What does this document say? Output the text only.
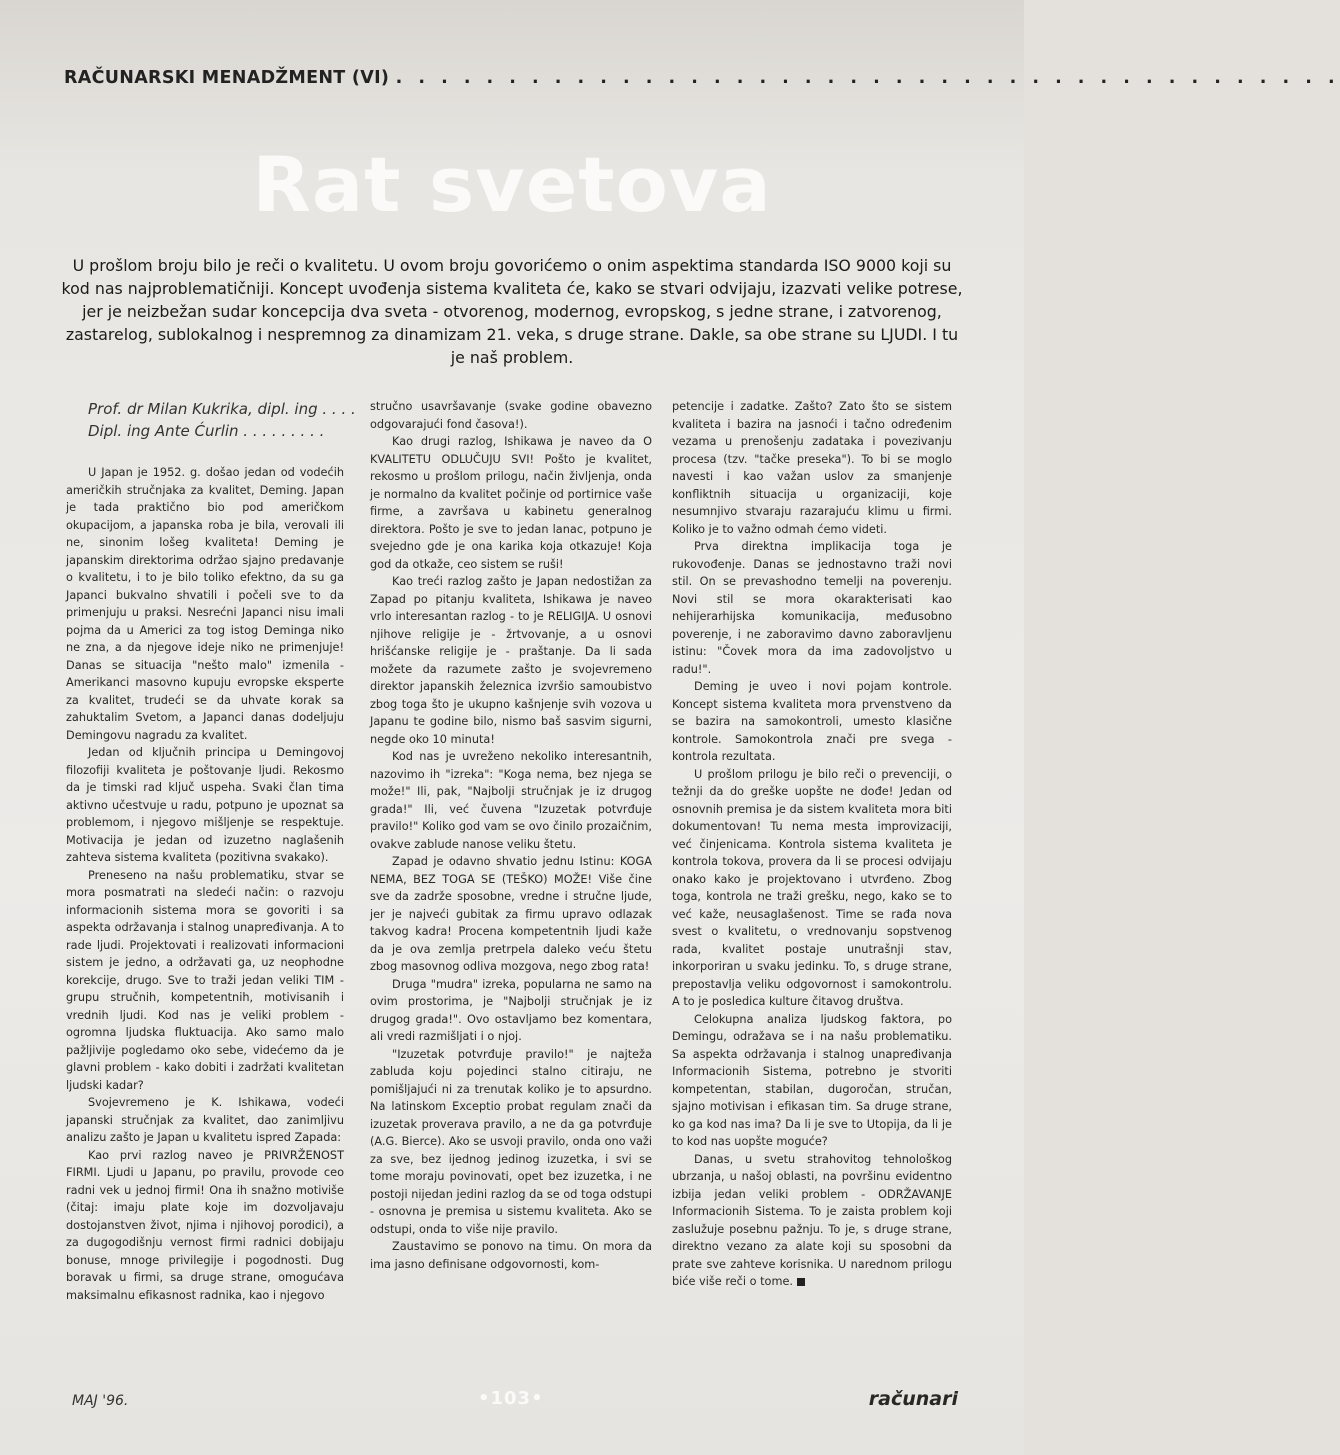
RAČUNARSKI MENADŽMENT (VI) . . . . . . . . . . . . . . . . . . . . . . . . . . . . . . . . . . . . . . . . . .
Rat svetova

U prošlom broju bilo je reči o kvalitetu. U ovom broju govorićemo o onim aspektima standarda ISO 9000 koji su kod nas najproblematičniji. Koncept uvođenja sistema kvaliteta će, kako se stvari odvijaju, izazvati velike potrese, jer je neizbežan sudar koncepcija dva sveta - otvorenog, modernog, evropskog, s jedne strane, i zatvorenog, zastarelog, sublokalnog i nespremnog za dinamizam 21. veka, s druge strane. Dakle, sa obe strane su LJUDI. I tu je naš problem.

Prof. dr Milan Kukrika, dipl. ing . . . .

Dipl. ing Ante Ćurlin . . . . . . . . .

U Japan je 1952. g. došao jedan od vodećih američkih stručnjaka za kvalitet, Deming. Japan je tada praktično bio pod američkom okupacijom, a japanska roba je bila, verovali ili ne, sinonim lošeg kvaliteta! Deming je japanskim direktorima održao sjajno predavanje o kvalitetu, i to je bilo toliko efektno, da su ga Japanci bukvalno shvatili i počeli sve to da primenjuju u praksi. Nesrećni Japanci nisu imali pojma da u Americi za tog istog Deminga niko ne zna, a da njegove ideje niko ne primenjuje! Danas se situacija "nešto malo" izmenila - Amerikanci masovno kupuju evropske eksperte za kvalitet, trudeći se da uhvate korak sa zahuktalim Svetom, a Japanci danas dodeljuju Demingovu nagradu za kvalitet.

Jedan od ključnih principa u Demingovoj filozofiji kvaliteta je poštovanje ljudi. Rekosmo da je timski rad ključ uspeha. Svaki član tima aktivno učestvuje u radu, potpuno je upoznat sa problemom, i njegovo mišljenje se respektuje. Motivacija je jedan od izuzetno naglašenih zahteva sistema kvaliteta (pozitivna svakako).

Preneseno na našu problematiku, stvar se mora posmatrati na sledeći način: o razvoju informacionih sistema mora se govoriti i sa aspekta održavanja i stalnog unapređivanja. A to rade ljudi. Projektovati i realizovati informacioni sistem je jedno, a održavati ga, uz neophodne korekcije, drugo. Sve to traži jedan veliki TIM - grupu stručnih, kompetentnih, motivisanih i vrednih ljudi. Kod nas je veliki problem - ogromna ljudska fluktuacija. Ako samo malo pažljivije pogledamo oko sebe, videćemo da je glavni problem - kako dobiti i zadržati kvalitetan ljudski kadar?

Svojevremeno je K. Ishikawa, vodeći japanski stručnjak za kvalitet, dao zanimljivu analizu zašto je Japan u kvalitetu ispred Zapada:

Kao prvi razlog naveo je PRIVRŽENOST FIRMI. Ljudi u Japanu, po pravilu, provode ceo radni vek u jednoj firmi! Ona ih snažno motiviše (čitaj: imaju plate koje im dozvoljavaju dostojanstven život, njima i njihovoj porodici), a za dugogodišnju vernost firmi radnici dobijaju bonuse, mnoge privilegije i pogodnosti. Dug boravak u firmi, sa druge strane, omogućava maksimalnu efikasnost radnika, kao i njegovo

stručno usavršavanje (svake godine obavezno odgovarajući fond časova!).

Kao drugi razlog, Ishikawa je naveo da O KVALITETU ODLUČUJU SVI! Pošto je kvalitet, rekosmo u prošlom prilogu, način življenja, onda je normalno da kvalitet počinje od portirnice vaše firme, a završava u kabinetu generalnog direktora. Pošto je sve to jedan lanac, potpuno je svejedno gde je ona karika koja otkazuje! Koja god da otkaže, ceo sistem se ruši!

Kao treći razlog zašto je Japan nedostižan za Zapad po pitanju kvaliteta, Ishikawa je naveo vrlo interesantan razlog - to je RELIGIJA. U osnovi njihove religije je - žrtvovanje, a u osnovi hrišćanske religije je - praštanje. Da li sada možete da razumete zašto je svojevremeno direktor japanskih železnica izvršio samoubistvo zbog toga što je ukupno kašnjenje svih vozova u Japanu te godine bilo, nismo baš sasvim sigurni, negde oko 10 minuta!

Kod nas je uvreženo nekoliko interesantnih, nazovimo ih "izreka": "Koga nema, bez njega se može!" Ili, pak, "Najbolji stručnjak je iz drugog grada!" Ili, već čuvena "Izuzetak potvrđuje pravilo!" Koliko god vam se ovo činilo prozaičnim, ovakve zablude nanose veliku štetu.

Zapad je odavno shvatio jednu Istinu: KOGA NEMA, BEZ TOGA SE (TEŠKO) MOŽE! Više čine sve da zadrže sposobne, vredne i stručne ljude, jer je najveći gubitak za firmu upravo odlazak takvog kadra! Procena kompetentnih ljudi kaže da je ova zemlja pretrpela daleko veću štetu zbog masovnog odliva mozgova, nego zbog rata!

Druga "mudra" izreka, popularna ne samo na ovim prostorima, je "Najbolji stručnjak je iz drugog grada!". Ovo ostavljamo bez komentara, ali vredi razmišljati i o njoj.

"Izuzetak potvrđuje pravilo!" je najteža zabluda koju pojedinci stalno citiraju, ne pomišljajući ni za trenutak koliko je to apsurdno. Na latinskom Exceptio probat regulam znači da izuzetak proverava pravilo, a ne da ga potvrđuje (A.G. Bierce). Ako se usvoji pravilo, onda ono važi za sve, bez ijednog jedinog izuzetka, i svi se tome moraju povinovati, opet bez izuzetka, i ne postoji nijedan jedini razlog da se od toga odstupi - osnovna je premisa u sistemu kvaliteta. Ako se odstupi, onda to više nije pravilo.

Zaustavimo se ponovo na timu. On mora da ima jasno definisane odgovornosti, kom-

petencije i zadatke. Zašto? Zato što se sistem kvaliteta i bazira na jasnoći i tačno određenim vezama u prenošenju zadataka i povezivanju procesa (tzv. "tačke preseka"). To bi se moglo navesti i kao važan uslov za smanjenje konfliktnih situacija u organizaciji, koje nesumnjivo stvaraju razarajuću klimu u firmi. Koliko je to važno odmah ćemo videti.

Prva direktna implikacija toga je rukovođenje. Danas se jednostavno traži novi stil. On se prevashodno temelji na poverenju. Novi stil se mora okarakterisati kao nehijerarhijska komunikacija, međusobno poverenje, i ne zaboravimo davno zaboravljenu istinu: "Čovek mora da ima zadovoljstvo u radu!".

Deming je uveo i novi pojam kontrole. Koncept sistema kvaliteta mora prvenstveno da se bazira na samokontroli, umesto klasične kontrole. Samokontrola znači pre svega - kontrola rezultata.

U prošlom prilogu je bilo reči o prevenciji, o težnji da do greške uopšte ne dođe! Jedan od osnovnih premisa je da sistem kvaliteta mora biti dokumentovan! Tu nema mesta improvizaciji, već činjenicama. Kontrola sistema kvaliteta je kontrola tokova, provera da li se procesi odvijaju onako kako je projektovano i utvrđeno. Zbog toga, kontrola ne traži grešku, nego, kako se to već kaže, neusaglašenost. Time se rađa nova svest o kvalitetu, o vrednovanju sopstvenog rada, kvalitet postaje unutrašnji stav, inkorporiran u svaku jedinku. To, s druge strane, prepostavlja veliku odgovornost i samokontrolu. A to je posledica kulture čitavog društva.

Celokupna analiza ljudskog faktora, po Demingu, odražava se i na našu problematiku. Sa aspekta održavanja i stalnog unapređivanja Informacionih Sistema, potrebno je stvoriti kompetentan, stabilan, dugoročan, stručan, sjajno motivisan i efikasan tim. Sa druge strane, ko ga kod nas ima? Da li je sve to Utopija, da li je to kod nas uopšte moguće?

Danas, u svetu strahovitog tehnološkog ubrzanja, u našoj oblasti, na površinu evidentno izbija jedan veliki problem - ODRŽAVANJE Informacionih Sistema. To je zaista problem koji zaslužuje posebnu pažnju. To je, s druge strane, direktno vezano za alate koji su sposobni da prate sve zahteve korisnika. U narednom prilogu biće više reči o tome.

MAJ '96.	•103•	računari
